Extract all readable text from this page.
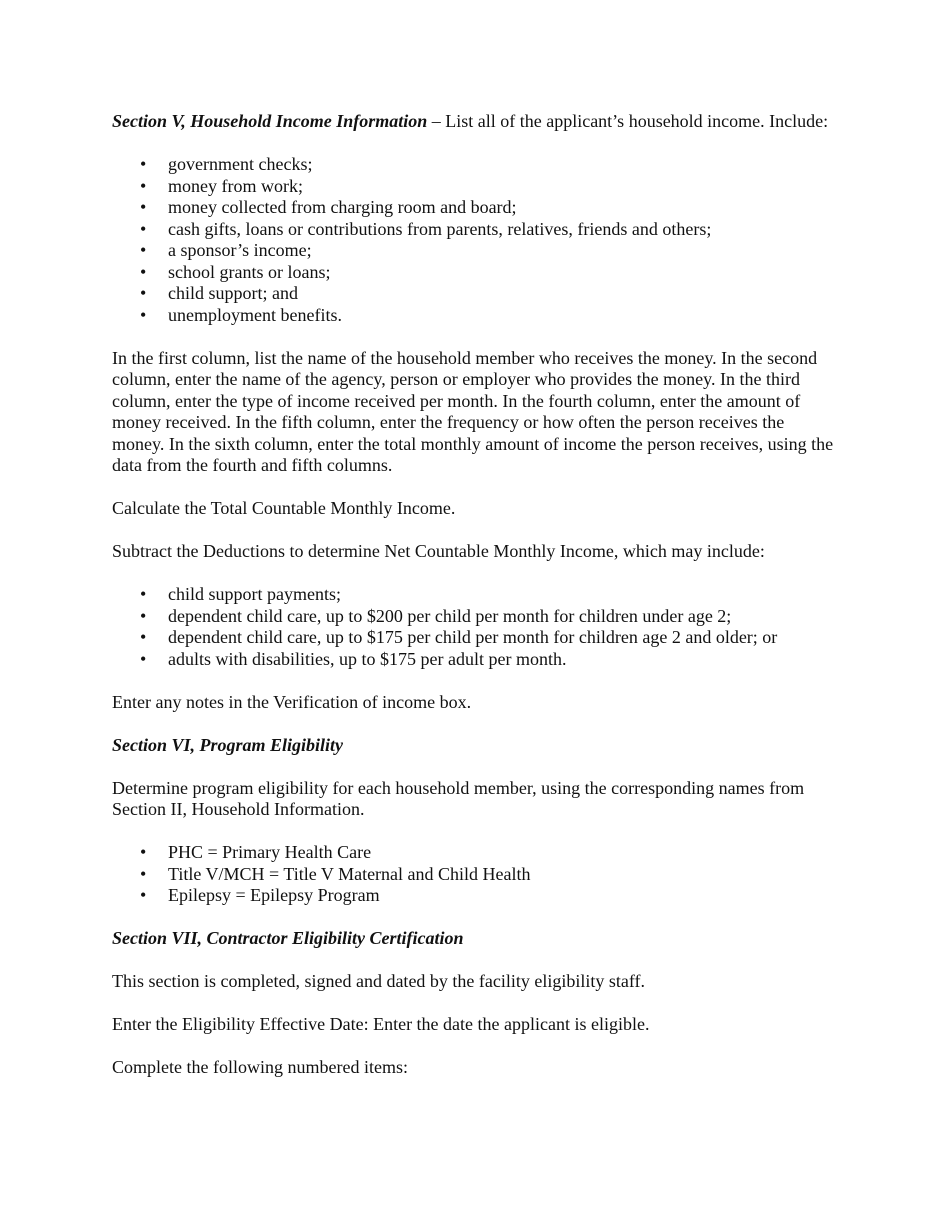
Section V, Household Income Information – List all of the applicant’s household income. Include:

• government checks;
• money from work;
• money collected from charging room and board;
• cash gifts, loans or contributions from parents, relatives, friends and others;
• a sponsor’s income;
• school grants or loans;
• child support; and
• unemployment benefits.

In the first column, list the name of the household member who receives the money. In the second column, enter the name of the agency, person or employer who provides the money. In the third column, enter the type of income received per month. In the fourth column, enter the amount of money received. In the fifth column, enter the frequency or how often the person receives the money. In the sixth column, enter the total monthly amount of income the person receives, using the data from the fourth and fifth columns.

Calculate the Total Countable Monthly Income.

Subtract the Deductions to determine Net Countable Monthly Income, which may include:

• child support payments;
• dependent child care, up to $200 per child per month for children under age 2;
• dependent child care, up to $175 per child per month for children age 2 and older; or
• adults with disabilities, up to $175 per adult per month.

Enter any notes in the Verification of income box.

Section VI, Program Eligibility

Determine program eligibility for each household member, using the corresponding names from Section II, Household Information.

• PHC = Primary Health Care
• Title V/MCH = Title V Maternal and Child Health
• Epilepsy = Epilepsy Program

Section VII, Contractor Eligibility Certification

This section is completed, signed and dated by the facility eligibility staff.

Enter the Eligibility Effective Date: Enter the date the applicant is eligible.

Complete the following numbered items:
